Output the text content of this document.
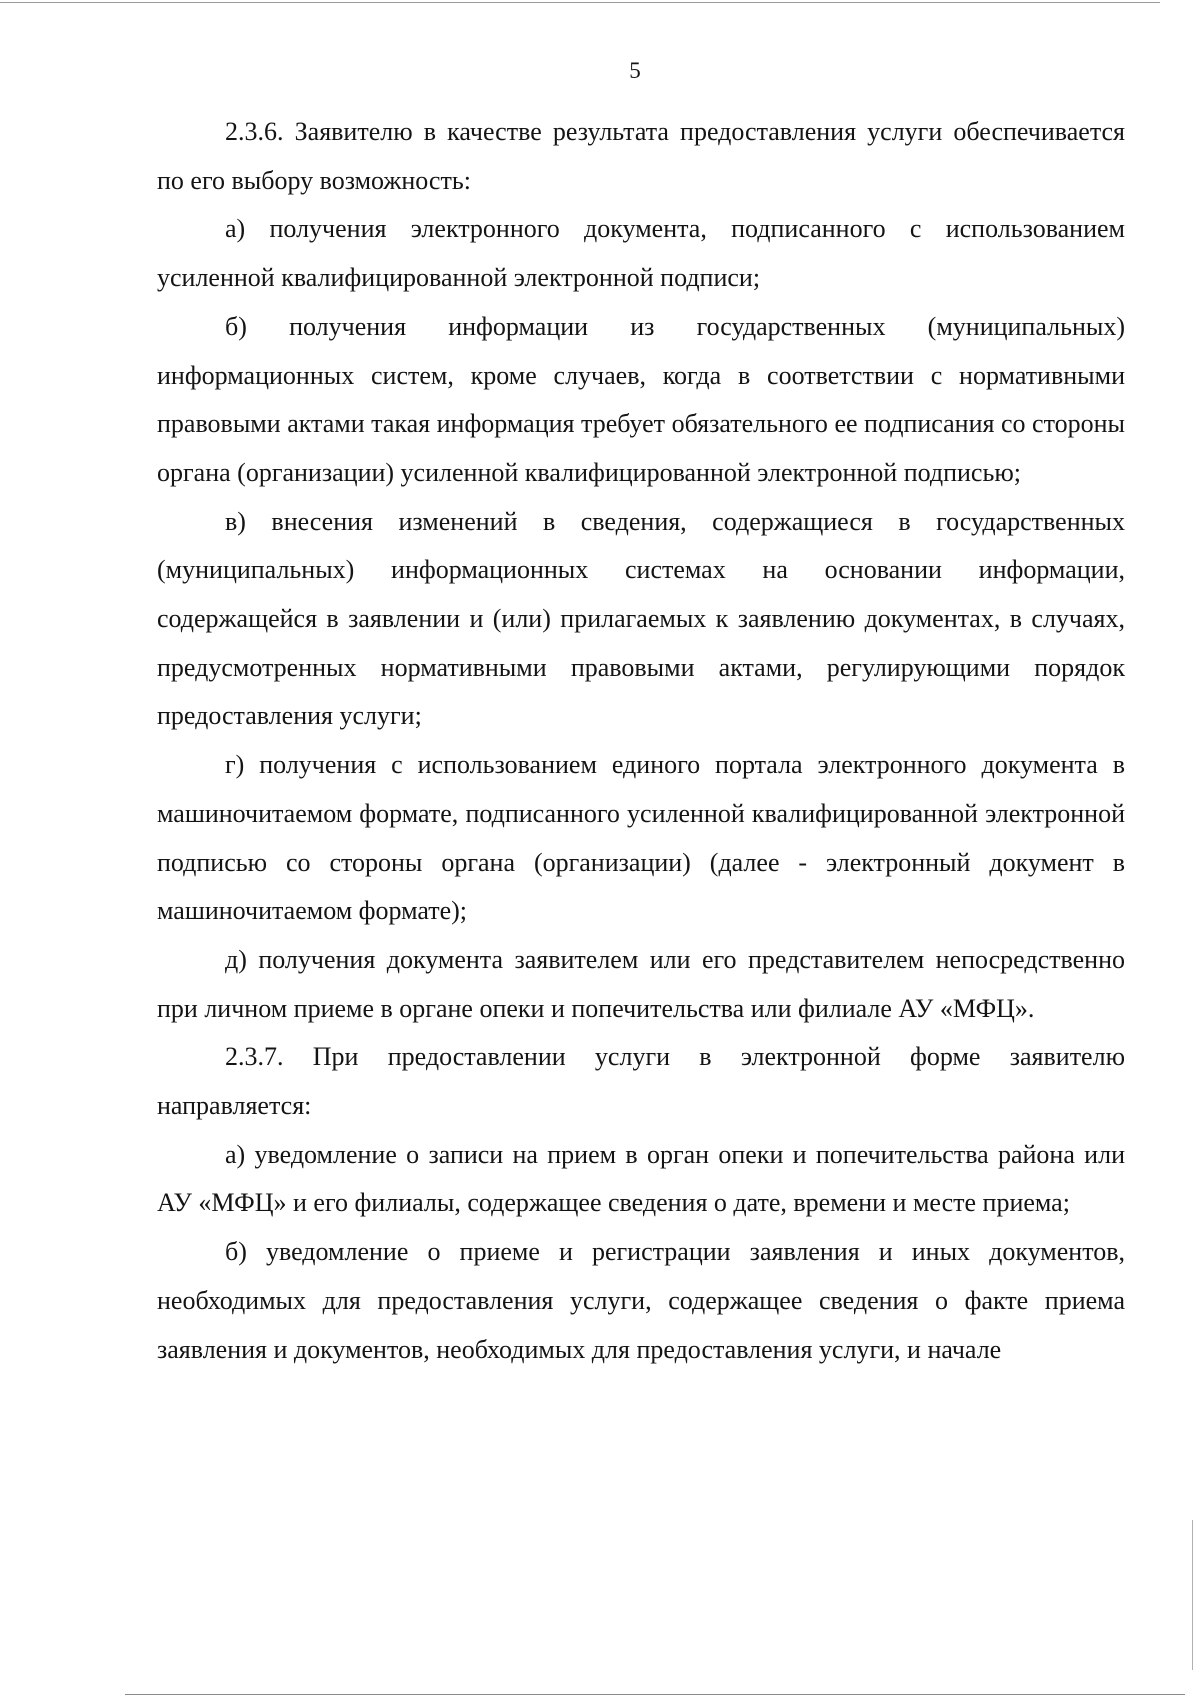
5

2.3.6. Заявителю в качестве результата предоставления услуги обеспечивается по его выбору возможность:

а) получения электронного документа, подписанного с использованием усиленной квалифицированной электронной подписи;

б) получения информации из государственных (муниципальных) информационных систем, кроме случаев, когда в соответствии с нормативными правовыми актами такая информация требует обязательного ее подписания со стороны органа (организации) усиленной квалифицированной электронной подписью;

в) внесения изменений в сведения, содержащиеся в государственных (муниципальных) информационных системах на основании информации, содержащейся в заявлении и (или) прилагаемых к заявлению документах, в случаях, предусмотренных нормативными правовыми актами, регулирующими порядок предоставления услуги;

г) получения с использованием единого портала электронного документа в машиночитаемом формате, подписанного усиленной квалифицированной электронной подписью со стороны органа (организации) (далее - электронный документ в машиночитаемом формате);

д) получения документа заявителем или его представителем непосредственно при личном приеме в органе опеки и попечительства или филиале АУ «МФЦ».

2.3.7. При предоставлении услуги в электронной форме заявителю направляется:

а) уведомление о записи на прием в орган опеки и попечительства района или АУ «МФЦ» и его филиалы, содержащее сведения о дате, времени и месте приема;

б) уведомление о приеме и регистрации заявления и иных документов, необходимых для предоставления услуги, содержащее сведения о факте приема заявления и документов, необходимых для предоставления услуги, и начале
